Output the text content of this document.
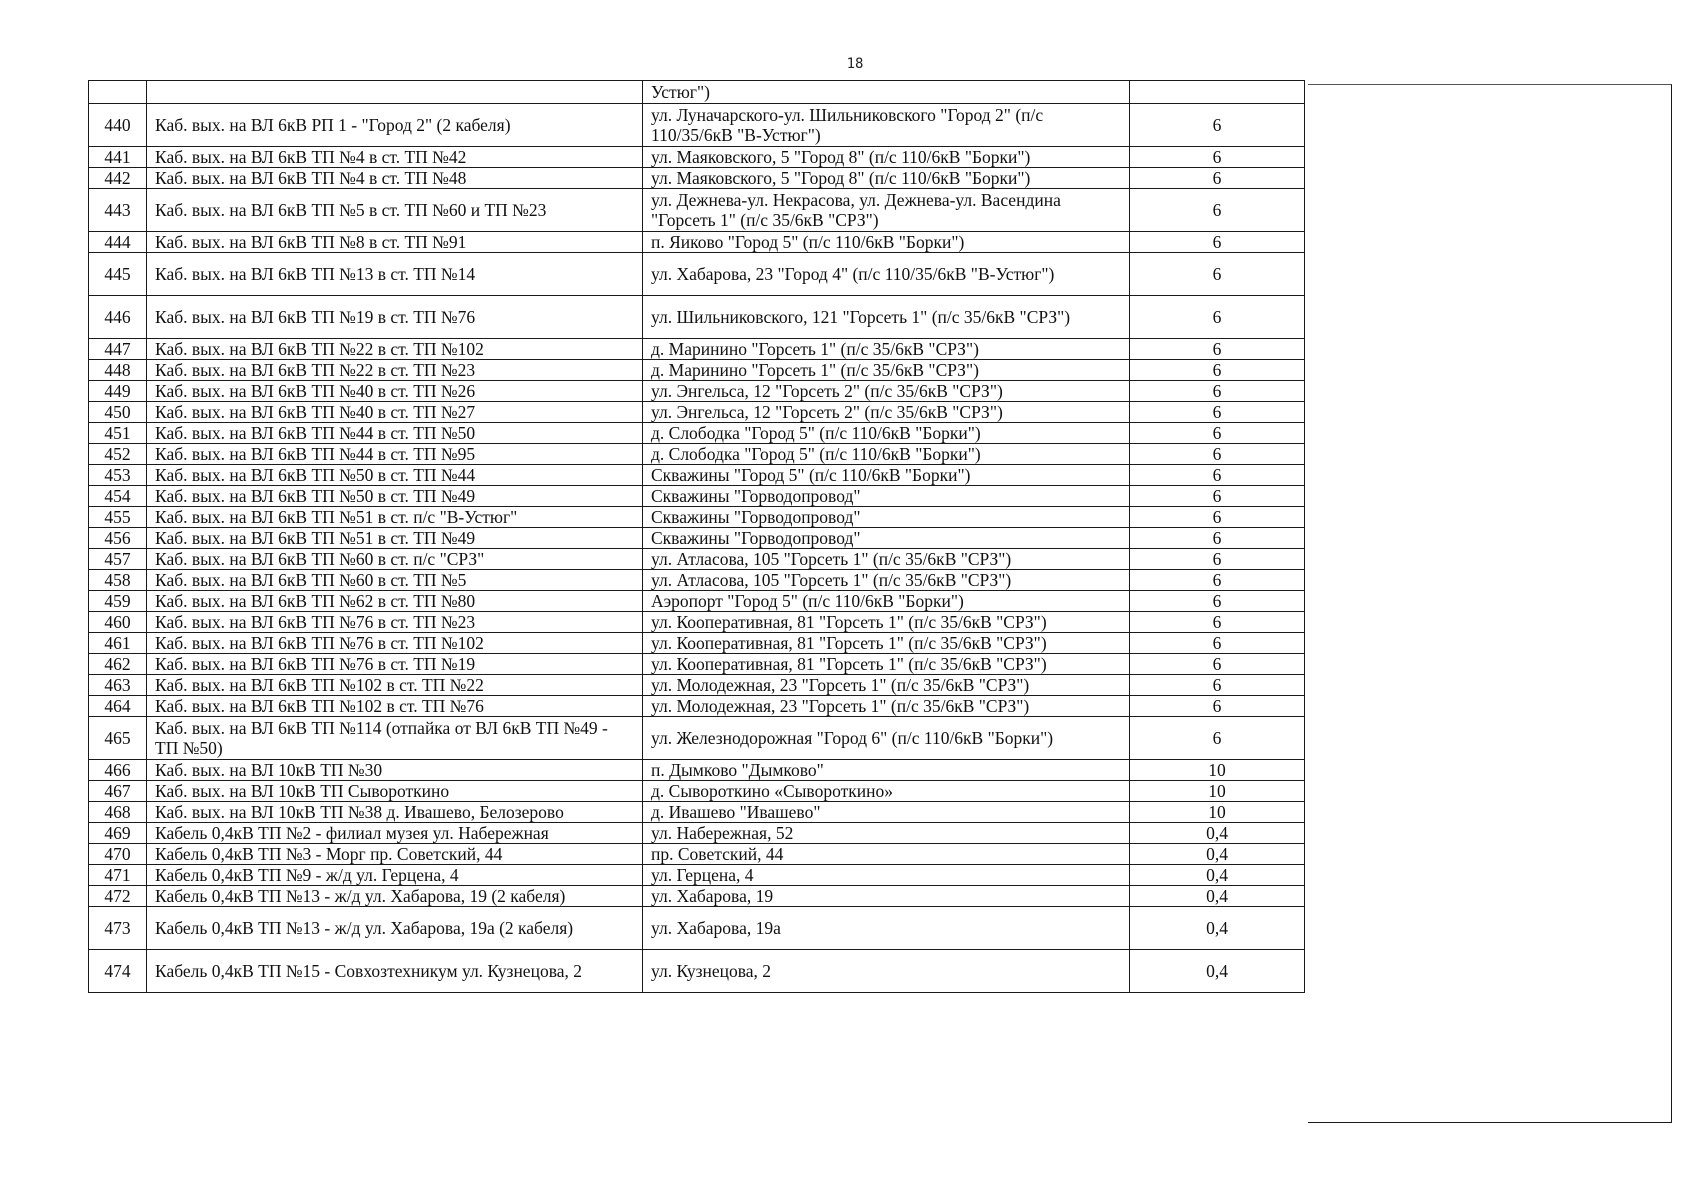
18
		Устюг")	
440	Каб. вых. на ВЛ 6кВ РП 1 - "Город 2" (2 кабеля)	ул. Луначарского-ул. Шильниковского "Город 2" (п/с 110/35/6кВ "В-Устюг")	6
441	Каб. вых. на ВЛ 6кВ ТП №4 в ст. ТП №42	ул. Маяковского, 5 "Город 8" (п/с 110/6кВ "Борки")	6
442	Каб. вых. на ВЛ 6кВ ТП №4 в ст. ТП №48	ул. Маяковского, 5 "Город 8" (п/с 110/6кВ "Борки")	6
443	Каб. вых. на ВЛ 6кВ ТП №5 в ст. ТП №60 и ТП №23	ул. Дежнева-ул. Некрасова, ул. Дежнева-ул. Васендина "Горсеть 1" (п/с 35/6кВ "СРЗ")	6
444	Каб. вых. на ВЛ 6кВ ТП №8 в ст. ТП №91	п. Яиково "Город 5" (п/с 110/6кВ "Борки")	6
445	Каб. вых. на ВЛ 6кВ ТП №13 в ст. ТП №14	ул. Хабарова, 23 "Город 4" (п/с 110/35/6кВ "В-Устюг")	6
446	Каб. вых. на ВЛ 6кВ ТП №19 в ст. ТП №76	ул. Шильниковского, 121 "Горсеть 1" (п/с 35/6кВ "СРЗ")	6
447	Каб. вых. на ВЛ 6кВ ТП №22 в ст. ТП №102	д. Маринино "Горсеть 1" (п/с 35/6кВ "СРЗ")	6
448	Каб. вых. на ВЛ 6кВ ТП №22 в ст. ТП №23	д. Маринино "Горсеть 1" (п/с 35/6кВ "СРЗ")	6
449	Каб. вых. на ВЛ 6кВ ТП №40 в ст. ТП №26	ул. Энгельса, 12 "Горсеть 2" (п/с 35/6кВ "СРЗ")	6
450	Каб. вых. на ВЛ 6кВ ТП №40 в ст. ТП №27	ул. Энгельса, 12 "Горсеть 2" (п/с 35/6кВ "СРЗ")	6
451	Каб. вых. на ВЛ 6кВ ТП №44 в ст. ТП №50	д. Слободка "Город 5" (п/с 110/6кВ "Борки")	6
452	Каб. вых. на ВЛ 6кВ ТП №44 в ст. ТП №95	д. Слободка "Город 5" (п/с 110/6кВ "Борки")	6
453	Каб. вых. на ВЛ 6кВ ТП №50 в ст. ТП №44	Скважины "Город 5" (п/с 110/6кВ "Борки")	6
454	Каб. вых. на ВЛ 6кВ ТП №50 в ст. ТП №49	Скважины "Горводопровод"	6
455	Каб. вых. на ВЛ 6кВ ТП №51 в ст. п/с "В-Устюг"	Скважины "Горводопровод"	6
456	Каб. вых. на ВЛ 6кВ ТП №51 в ст. ТП №49	Скважины "Горводопровод"	6
457	Каб. вых. на ВЛ 6кВ ТП №60 в ст. п/с "СРЗ"	ул. Атласова, 105 "Горсеть 1" (п/с 35/6кВ "СРЗ")	6
458	Каб. вых. на ВЛ 6кВ ТП №60 в ст. ТП №5	ул. Атласова, 105 "Горсеть 1" (п/с 35/6кВ "СРЗ")	6
459	Каб. вых. на ВЛ 6кВ ТП №62 в ст. ТП №80	Аэропорт "Город 5" (п/с 110/6кВ "Борки")	6
460	Каб. вых. на ВЛ 6кВ ТП №76 в ст. ТП №23	ул. Кооперативная, 81 "Горсеть 1" (п/с 35/6кВ "СРЗ")	6
461	Каб. вых. на ВЛ 6кВ ТП №76 в ст. ТП №102	ул. Кооперативная, 81 "Горсеть 1" (п/с 35/6кВ "СРЗ")	6
462	Каб. вых. на ВЛ 6кВ ТП №76 в ст. ТП №19	ул. Кооперативная, 81 "Горсеть 1" (п/с 35/6кВ "СРЗ")	6
463	Каб. вых. на ВЛ 6кВ ТП №102 в ст. ТП №22	ул. Молодежная, 23 "Горсеть 1" (п/с 35/6кВ "СРЗ")	6
464	Каб. вых. на ВЛ 6кВ ТП №102 в ст. ТП №76	ул. Молодежная, 23 "Горсеть 1" (п/с 35/6кВ "СРЗ")	6
465	Каб. вых. на ВЛ 6кВ ТП №114 (отпайка от ВЛ 6кВ ТП №49 - ТП №50)	ул. Железнодорожная "Город 6" (п/с 110/6кВ "Борки")	6
466	Каб. вых. на ВЛ 10кВ ТП №30	п. Дымково "Дымково"	10
467	Каб. вых. на ВЛ 10кВ ТП Сывороткино	д. Сывороткино «Сывороткино»	10
468	Каб. вых. на ВЛ 10кВ ТП №38 д. Ивашево, Белозерово	д. Ивашево "Ивашево"	10
469	Кабель 0,4кВ ТП №2 - филиал музея ул. Набережная	ул. Набережная, 52	0,4
470	Кабель 0,4кВ ТП №3 - Морг пр. Советский, 44	пр. Советский, 44	0,4
471	Кабель 0,4кВ ТП №9 - ж/д ул. Герцена, 4	ул. Герцена, 4	0,4
472	Кабель 0,4кВ ТП №13 - ж/д ул. Хабарова, 19 (2 кабеля)	ул. Хабарова, 19	0,4
473	Кабель 0,4кВ ТП №13 - ж/д ул. Хабарова, 19а (2 кабеля)	ул. Хабарова, 19а	0,4
474	Кабель 0,4кВ ТП №15 - Совхозтехникум ул. Кузнецова, 2	ул. Кузнецова, 2	0,4
